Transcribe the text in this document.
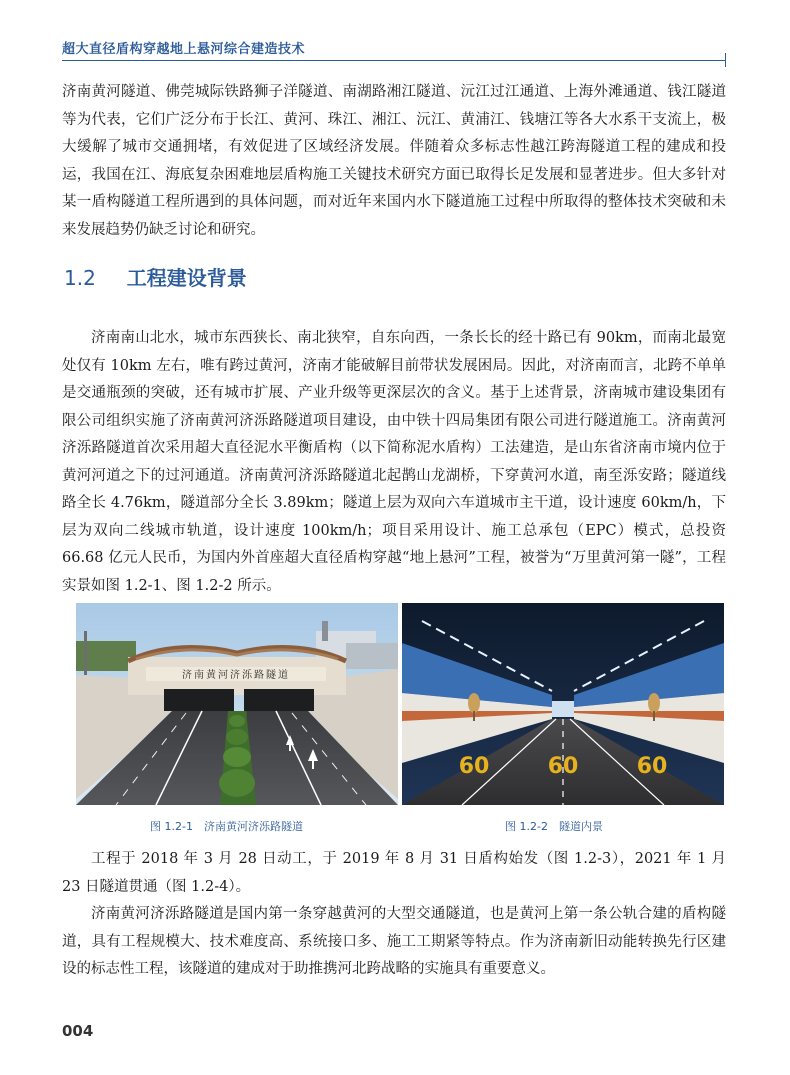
超大直径盾构穿越地上悬河综合建造技术

济南黄河隧道、佛莞城际铁路狮子洋隧道、南湖路湘江隧道、沅江过江通道、上海外滩通道、钱江隧道等为代表，它们广泛分布于长江、黄河、珠江、湘江、沅江、黄浦江、钱塘江等各大水系干支流上，极大缓解了城市交通拥堵，有效促进了区域经济发展。伴随着众多标志性越江跨海隧道工程的建成和投运，我国在江、海底复杂困难地层盾构施工关键技术研究方面已取得长足发展和显著进步。但大多针对某一盾构隧道工程所遇到的具体问题，而对近年来国内水下隧道施工过程中所取得的整体技术突破和未来发展趋势仍缺乏讨论和研究。

1.2 工程建设背景

济南南山北水，城市东西狭长、南北狭窄，自东向西，一条长长的经十路已有 90km，而南北最宽处仅有 10km 左右，唯有跨过黄河，济南才能破解目前带状发展困局。因此，对济南而言，北跨不单单是交通瓶颈的突破，还有城市扩展、产业升级等更深层次的含义。基于上述背景，济南城市建设集团有限公司组织实施了济南黄河济泺路隧道项目建设，由中铁十四局集团有限公司进行隧道施工。济南黄河济泺路隧道首次采用超大直径泥水平衡盾构（以下简称泥水盾构）工法建造，是山东省济南市境内位于黄河河道之下的过河通道。济南黄河济泺路隧道北起鹊山龙湖桥，下穿黄河水道，南至泺安路；隧道线路全长 4.76km，隧道部分全长 3.89km；隧道上层为双向六车道城市主干道，设计速度 60km/h，下层为双向二线城市轨道，设计速度 100km/h；项目采用设计、施工总承包（EPC）模式，总投资 66.68 亿元人民币，为国内外首座超大直径盾构穿越“地上悬河”工程，被誉为“万里黄河第一隧”，工程实景如图 1.2-1、图 1.2-2 所示。

济南黄河济泺路隧道
60	60	60
图 1.2-1　济南黄河济泺路隧道	图 1.2-2　隧道内景

工程于 2018 年 3 月 28 日动工，于 2019 年 8 月 31 日盾构始发（图 1.2-3），2021 年 1 月 23 日隧道贯通（图 1.2-4）。

济南黄河济泺路隧道是国内第一条穿越黄河的大型交通隧道，也是黄河上第一条公轨合建的盾构隧道，具有工程规模大、技术难度高、系统接口多、施工工期紧等特点。作为济南新旧动能转换先行区建设的标志性工程，该隧道的建成对于助推携河北跨战略的实施具有重要意义。

004
